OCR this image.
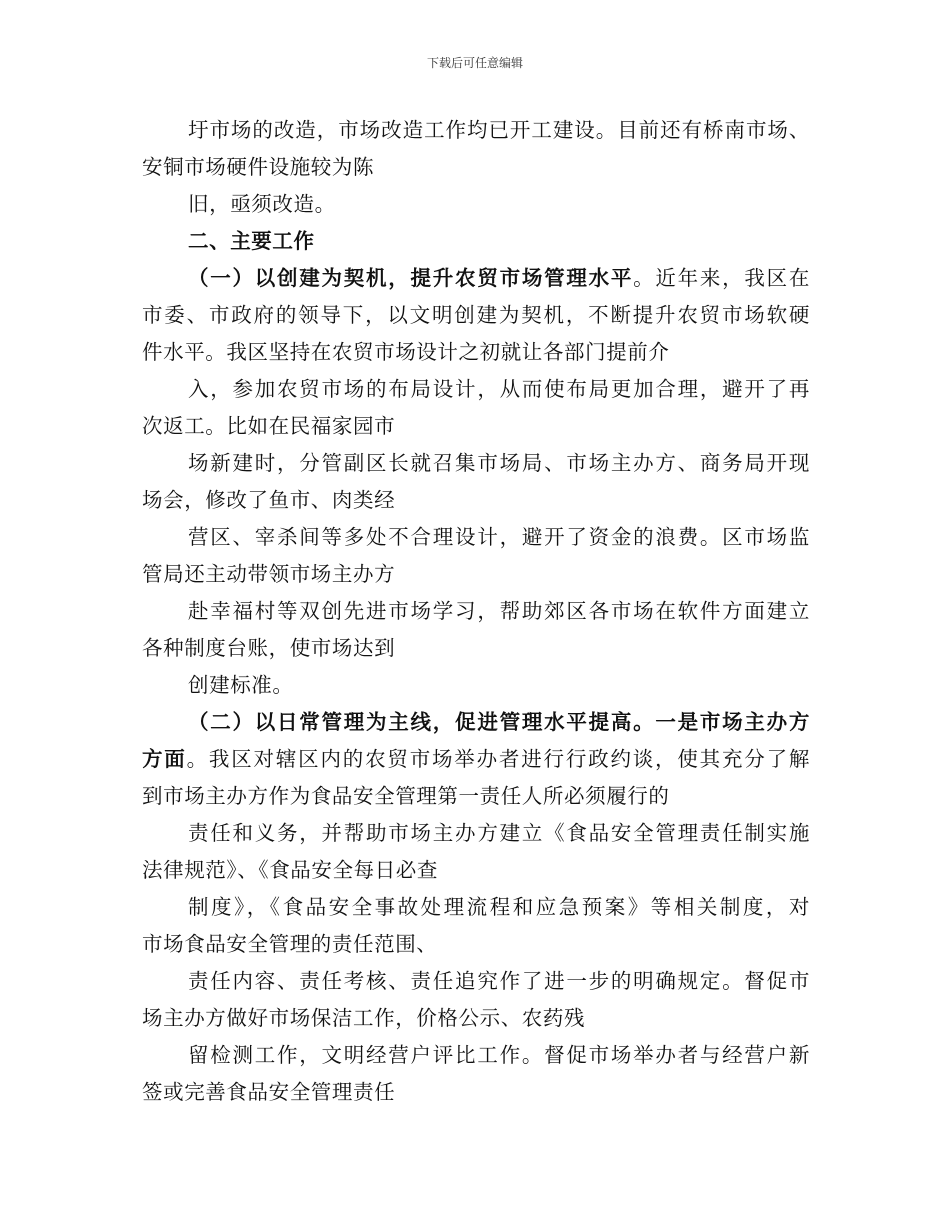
下载后可任意编辑
圩市场的改造，市场改造工作均已开工建设。目前还有桥南市场、
安铜市场硬件设施较为陈
旧，亟须改造。
二、主要工作
（一）以创建为契机，提升农贸市场管理水平。近年来，我区在
市委、市政府的领导下，以文明创建为契机，不断提升农贸市场软硬
件水平。我区坚持在农贸市场设计之初就让各部门提前介
入，参加农贸市场的布局设计，从而使布局更加合理，避开了再
次返工。比如在民福家园市
场新建时，分管副区长就召集市场局、市场主办方、商务局开现
场会，修改了鱼市、肉类经
营区、宰杀间等多处不合理设计，避开了资金的浪费。区市场监
管局还主动带领市场主办方
赴幸福村等双创先进市场学习，帮助郊区各市场在软件方面建立
各种制度台账，使市场达到
创建标准。
（二）以日常管理为主线，促进管理水平提高。一是市场主办方
方面。我区对辖区内的农贸市场举办者进行行政约谈，使其充分了解
到市场主办方作为食品安全管理第一责任人所必须履行的
责任和义务，并帮助市场主办方建立《食品安全管理责任制实施
法律规范》、《食品安全每日必查
制度》，《食品安全事故处理流程和应急预案》等相关制度，对
市场食品安全管理的责任范围、
责任内容、责任考核、责任追究作了进一步的明确规定。督促市
场主办方做好市场保洁工作，价格公示、农药残
留检测工作，文明经营户评比工作。督促市场举办者与经营户新
签或完善食品安全管理责任
